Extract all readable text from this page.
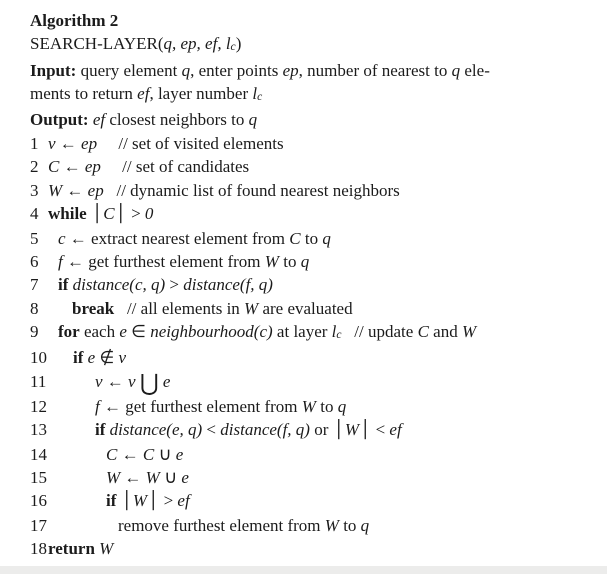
Algorithm 2
SEARCH-LAYER(q, ep, ef, lc)
Input: query element q, enter points ep, number of nearest to q ele-
ments to return ef, layer number lc
Output: ef closest neighbors to q
1 v ← ep     // set of visited elements
2 C ← ep     // set of candidates
3 W ← ep   // dynamic list of found nearest neighbors
4 while │C│ > 0
5	c ← extract nearest element from C to q
6	f ← get furthest element from W to q
7	if distance(c, q) > distance(f, q)
8	break   // all elements in W are evaluated
9	for each e ∈ neighbourhood(c) at layer lc   // update C and W
10	if e ∉ v
11	v ← v ⋃ e
12	f ← get furthest element from W to q
13	if distance(e, q) < distance(f, q) or │W│ < ef
14	C ← C ∪ e
15	W ← W ∪ e
16	if │W│ > ef
17	remove furthest element from W to q
18 return W
